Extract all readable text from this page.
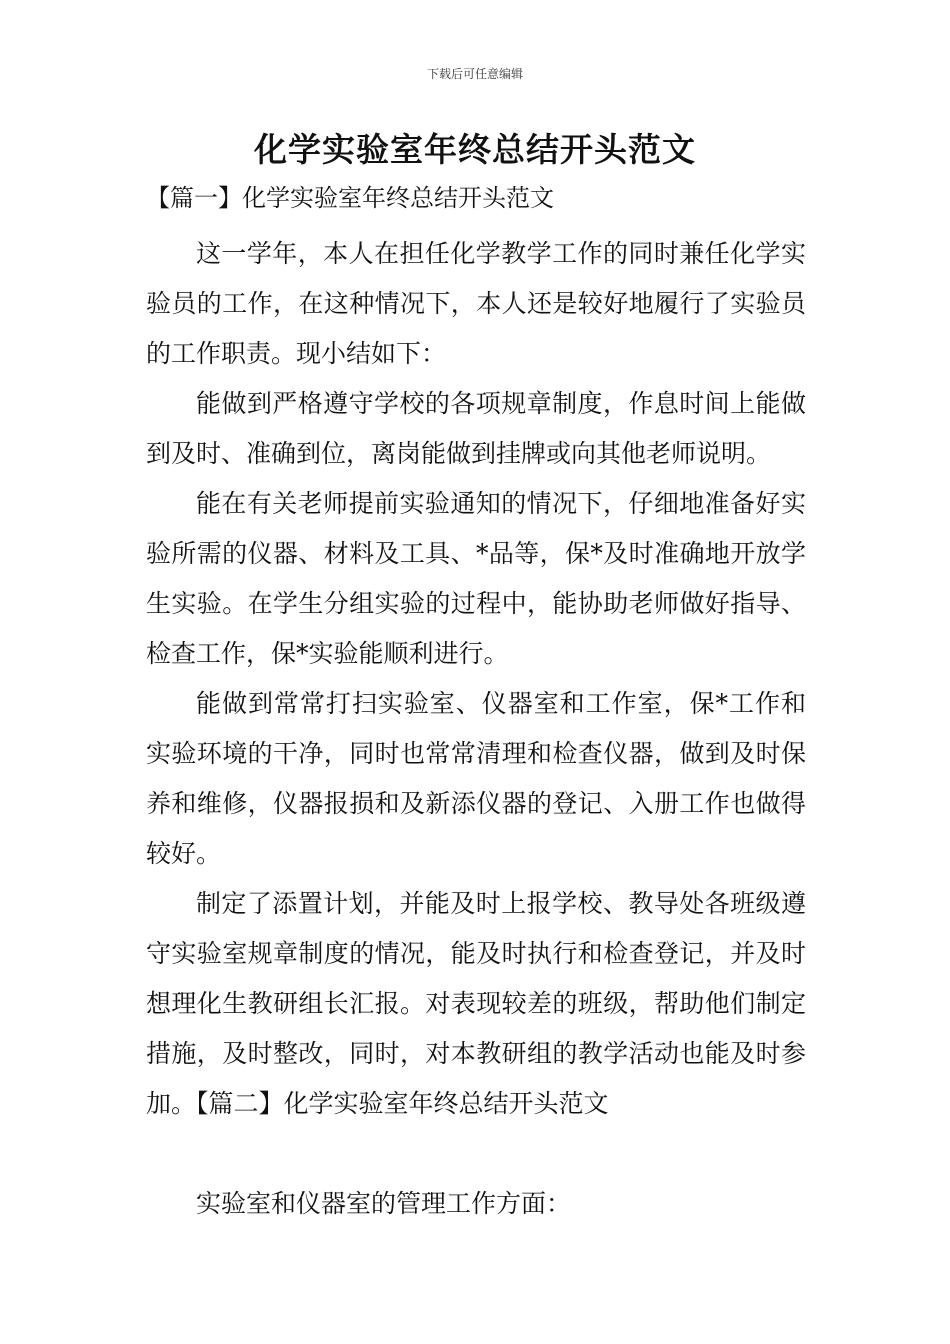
下载后可任意编辑
化学实验室年终总结开头范文
【篇一】化学实验室年终总结开头范文

这一学年，本人在担任化学教学工作的同时兼任化学实验员的工作，在这种情况下，本人还是较好地履行了实验员的工作职责。现小结如下：

能做到严格遵守学校的各项规章制度，作息时间上能做到及时、准确到位，离岗能做到挂牌或向其他老师说明。

能在有关老师提前实验通知的情况下，仔细地准备好实验所需的仪器、材料及工具、*品等，保*及时准确地开放学生实验。在学生分组实验的过程中，能协助老师做好指导、检查工作，保*实验能顺利进行。

能做到常常打扫实验室、仪器室和工作室，保*工作和实验环境的干净，同时也常常清理和检查仪器，做到及时保养和维修，仪器报损和及新添仪器的登记、入册工作也做得较好。

制定了添置计划，并能及时上报学校、教导处各班级遵守实验室规章制度的情况，能及时执行和检查登记，并及时想理化生教研组长汇报。对表现较差的班级，帮助他们制定措施，及时整改，同时，对本教研组的教学活动也能及时参加。【篇二】化学实验室年终总结开头范文

实验室和仪器室的管理工作方面：
